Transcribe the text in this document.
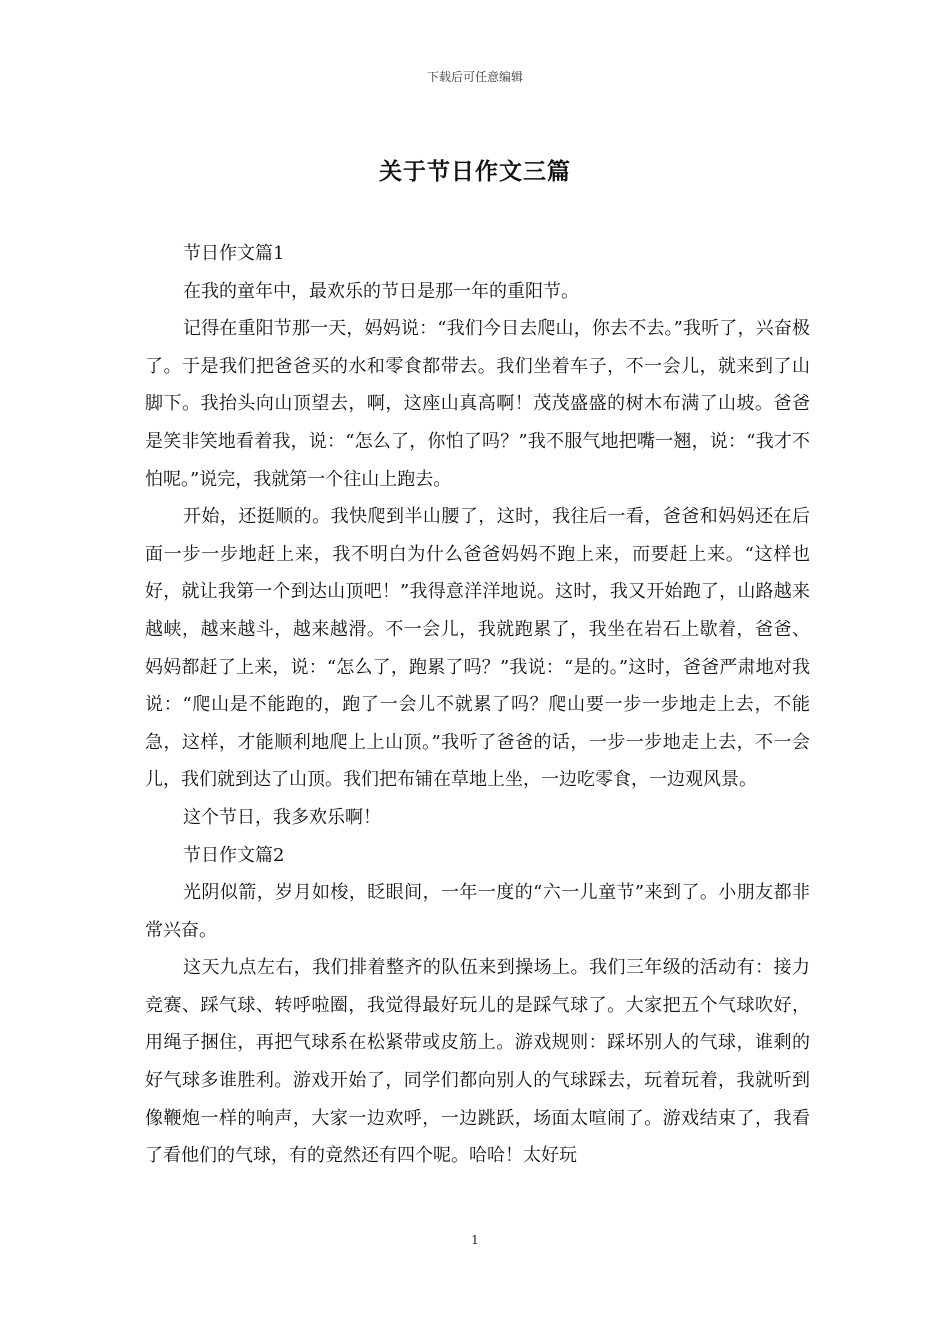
下载后可任意编辑
关于节日作文三篇

节日作文篇1

在我的童年中，最欢乐的节日是那一年的重阳节。

记得在重阳节那一天，妈妈说：“我们今日去爬山，你去不去。”我听了，兴奋极了。于是我们把爸爸买的水和零食都带去。我们坐着车子，不一会儿，就来到了山脚下。我抬头向山顶望去，啊，这座山真高啊！茂茂盛盛的树木布满了山坡。爸爸是笑非笑地看着我，说：“怎么了，你怕了吗？”我不服气地把嘴一翘，说：“我才不怕呢。”说完，我就第一个往山上跑去。

开始，还挺顺的。我快爬到半山腰了，这时，我往后一看，爸爸和妈妈还在后面一步一步地赶上来，我不明白为什么爸爸妈妈不跑上来，而要赶上来。“这样也好，就让我第一个到达山顶吧！”我得意洋洋地说。这时，我又开始跑了，山路越来越峡，越来越斗，越来越滑。不一会儿，我就跑累了，我坐在岩石上歇着，爸爸、妈妈都赶了上来，说：“怎么了，跑累了吗？”我说：“是的。”这时，爸爸严肃地对我说：“爬山是不能跑的，跑了一会儿不就累了吗？爬山要一步一步地走上去，不能急，这样，才能顺利地爬上上山顶。”我听了爸爸的话，一步一步地走上去，不一会儿，我们就到达了山顶。我们把布铺在草地上坐，一边吃零食，一边观风景。

这个节日，我多欢乐啊！

节日作文篇2

光阴似箭，岁月如梭，眨眼间，一年一度的“六一儿童节”来到了。小朋友都非常兴奋。

这天九点左右，我们排着整齐的队伍来到操场上。我们三年级的活动有：接力竞赛、踩气球、转呼啦圈，我觉得最好玩儿的是踩气球了。大家把五个气球吹好，用绳子捆住，再把气球系在松紧带或皮筋上。游戏规则：踩坏别人的气球，谁剩的好气球多谁胜利。游戏开始了，同学们都向别人的气球踩去，玩着玩着，我就听到像鞭炮一样的响声，大家一边欢呼，一边跳跃，场面太喧闹了。游戏结束了，我看了看他们的气球，有的竟然还有四个呢。哈哈！太好玩

1
